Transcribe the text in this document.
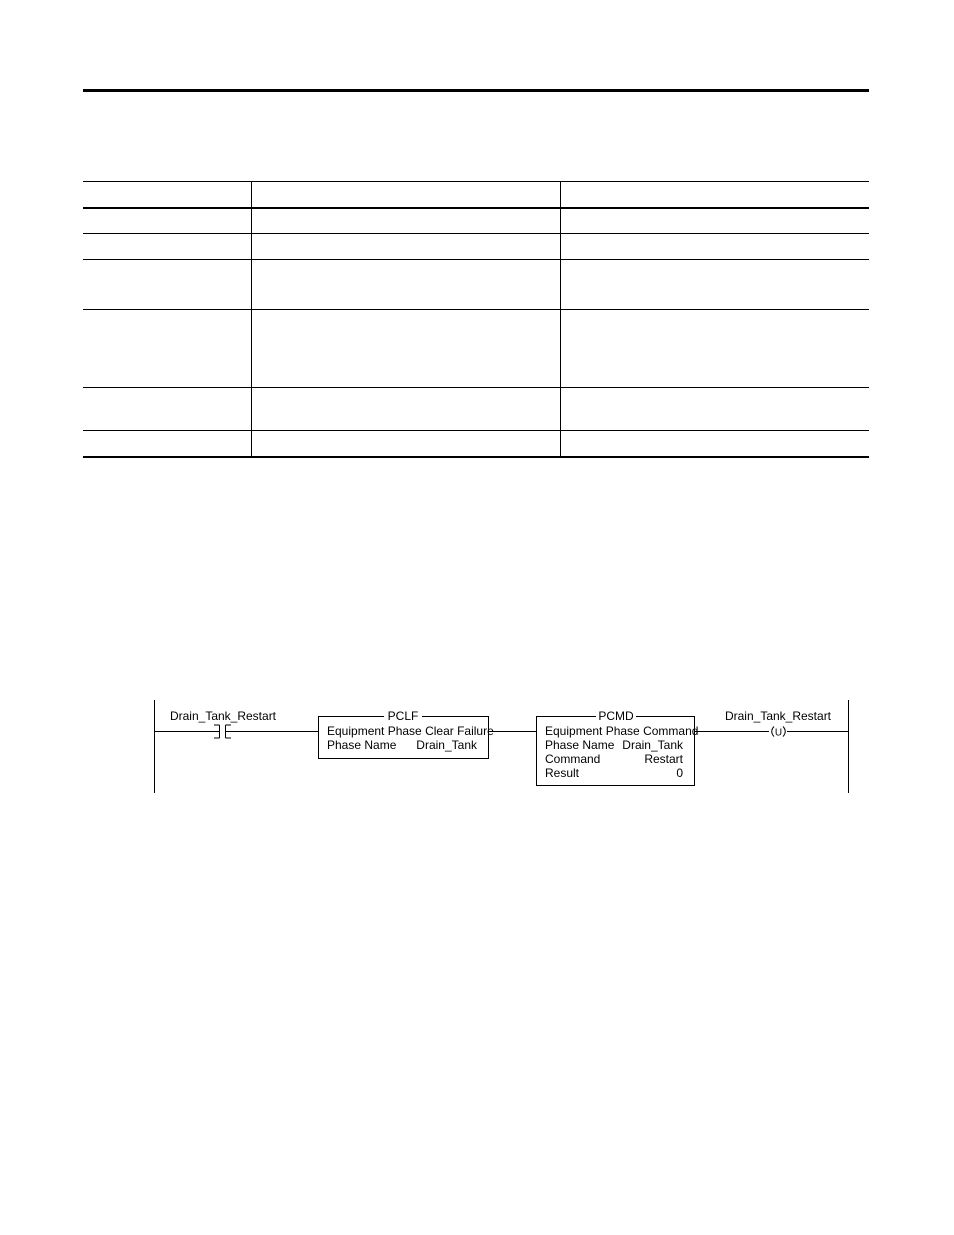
Drain_Tank_Restart	PCLF
Equipment Phase Clear Failure
Phase Name Drain_Tank
PCMD
Equipment Phase Command
Phase Name Drain_Tank
Command	Restart
Result	0
Drain_Tank_Restart
U
